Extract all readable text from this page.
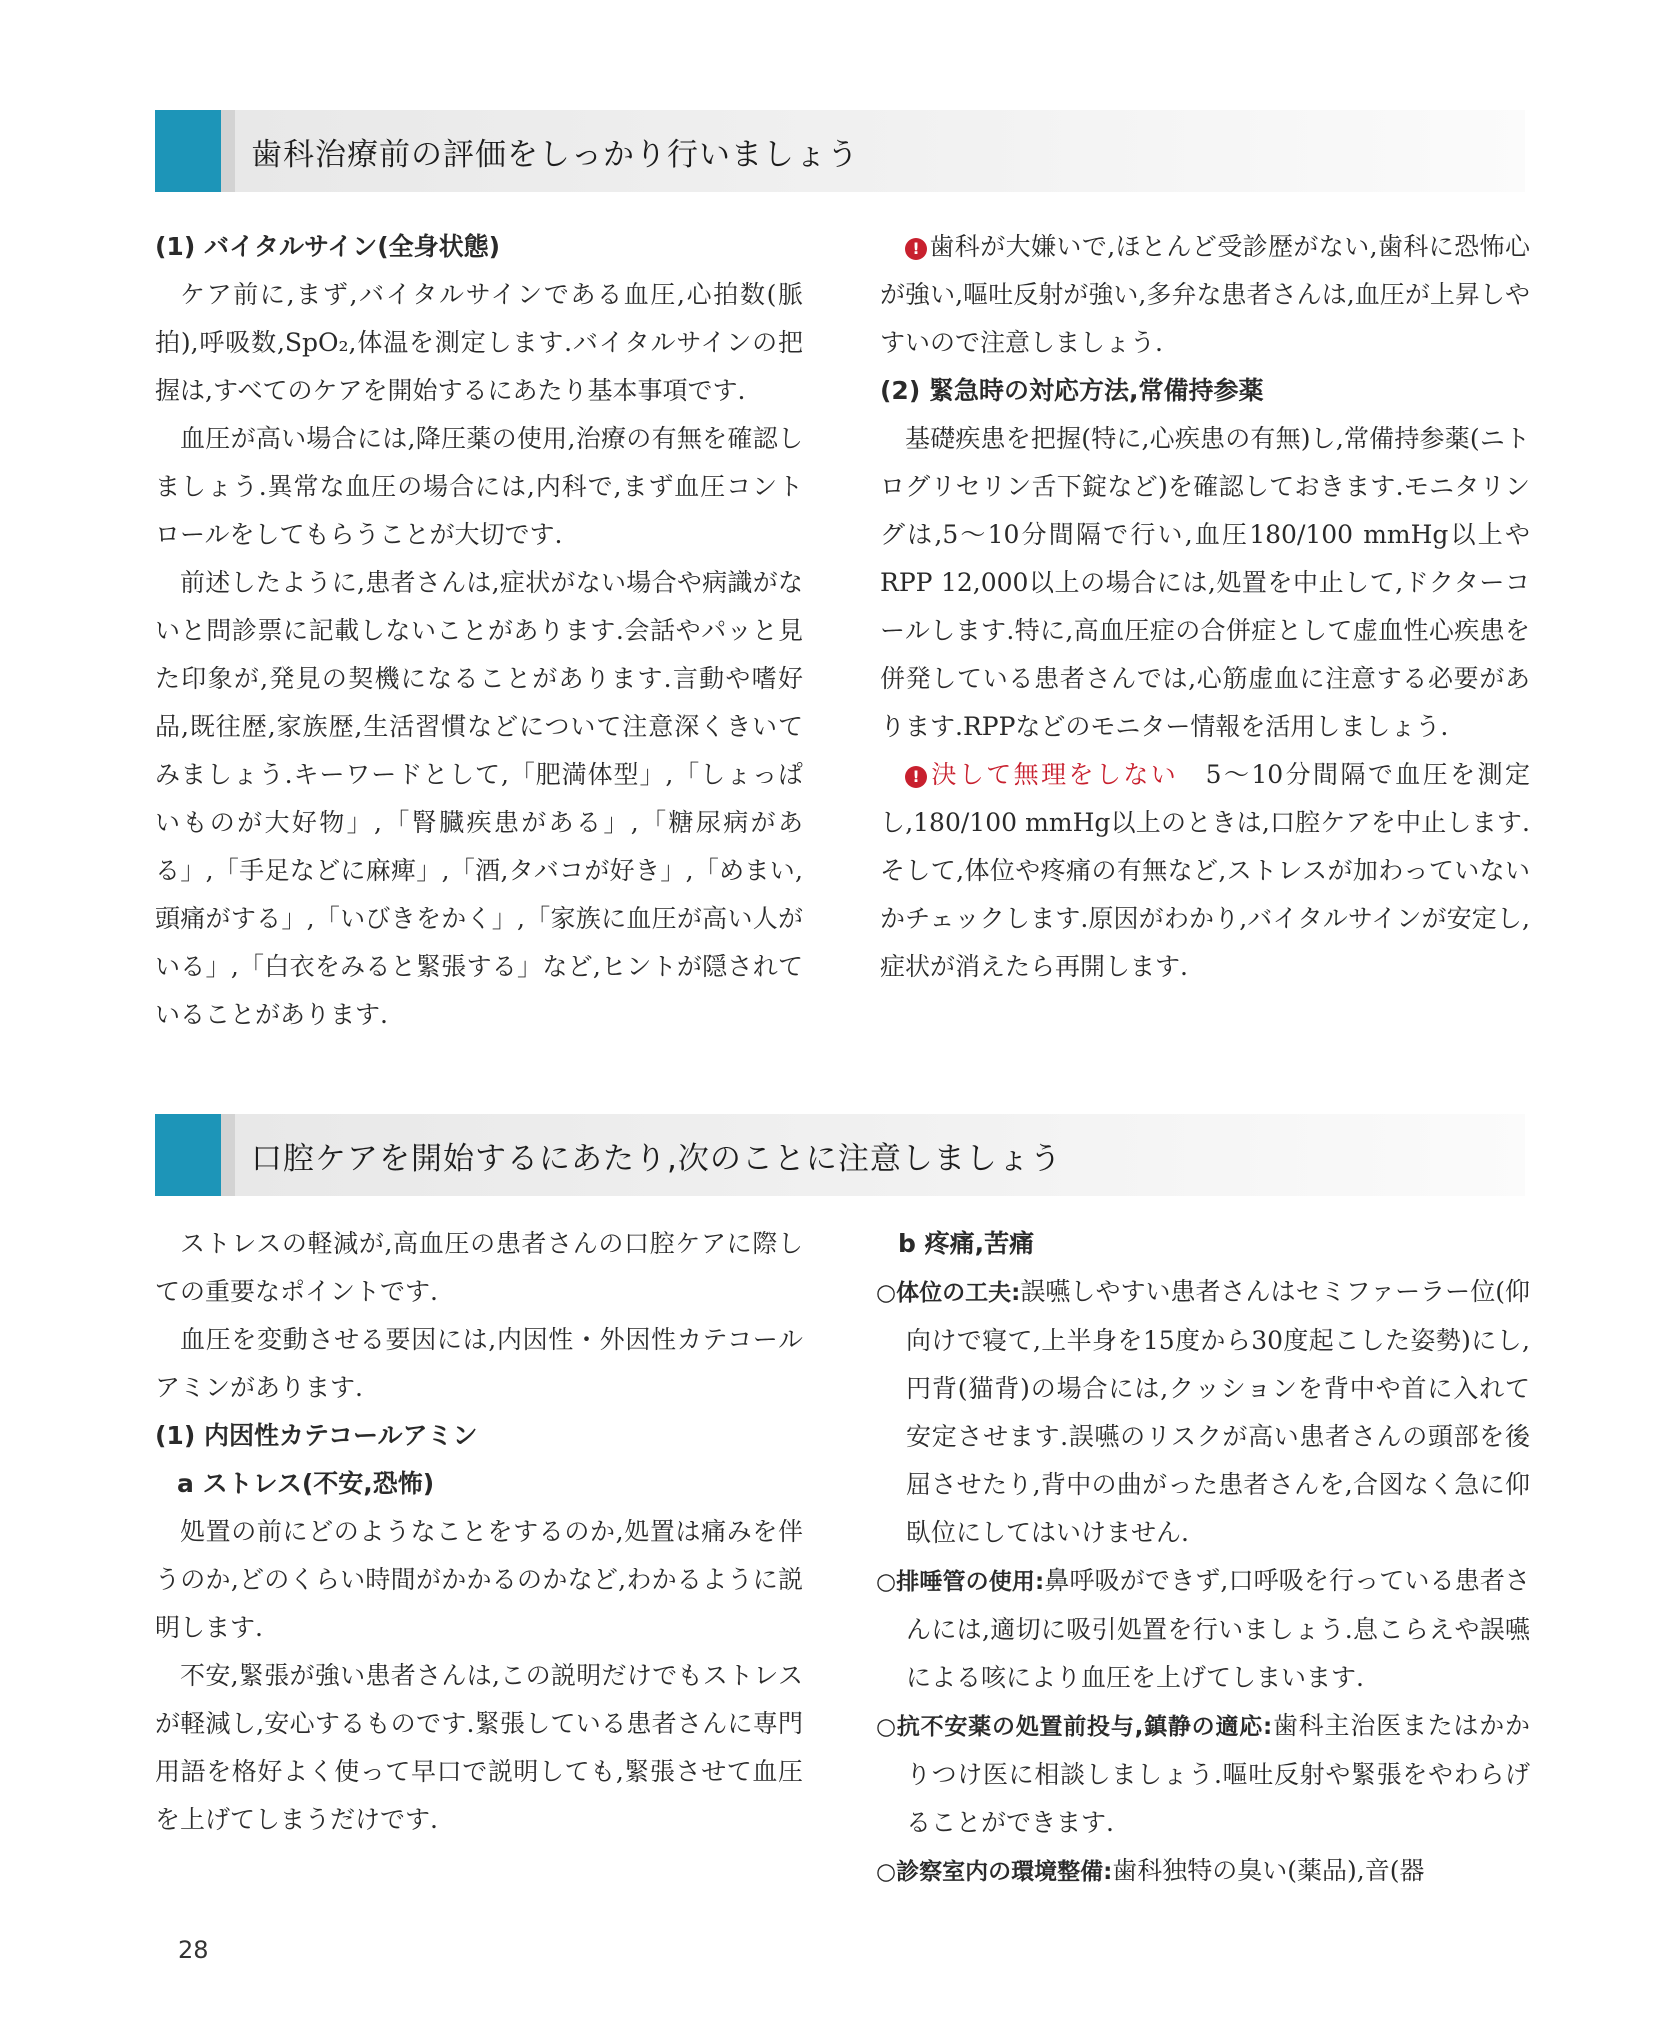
歯科治療前の評価をしっかり行いましょう

(1) バイタルサイン(全身状態)

ケア前に,まず,バイタルサインである血圧,心拍数(脈拍),呼吸数,SpO₂,体温を測定します.バイタルサインの把握は,すべてのケアを開始するにあたり基本事項です.

血圧が高い場合には,降圧薬の使用,治療の有無を確認しましょう.異常な血圧の場合には,内科で,まず血圧コントロールをしてもらうことが大切です.

前述したように,患者さんは,症状がない場合や病識がないと問診票に記載しないことがあります.会話やパッと見た印象が,発見の契機になることがあります.言動や嗜好品,既往歴,家族歴,生活習慣などについて注意深くきいてみましょう.キーワードとして,「肥満体型」,「しょっぱいものが大好物」,「腎臓疾患がある」,「糖尿病がある」,「手足などに麻痺」,「酒,タバコが好き」,「めまい,頭痛がする」,「いびきをかく」,「家族に血圧が高い人がいる」,「白衣をみると緊張する」など,ヒントが隠されていることがあります.

! 歯科が大嫌いで,ほとんど受診歴がない,歯科に恐怖心が強い,嘔吐反射が強い,多弁な患者さんは,血圧が上昇しやすいので注意しましょう.

(2) 緊急時の対応方法,常備持参薬

基礎疾患を把握(特に,心疾患の有無)し,常備持参薬(ニトログリセリン舌下錠など)を確認しておきます.モニタリングは,5〜10分間隔で行い,血圧180/100 mmHg以上やRPP 12,000以上の場合には,処置を中止して,ドクターコールします.特に,高血圧症の合併症として虚血性心疾患を併発している患者さんでは,心筋虚血に注意する必要があります.RPPなどのモニター情報を活用しましょう.

! 決して無理をしない　 5〜10分間隔で血圧を測定し,180/100 mmHg以上のときは,口腔ケアを中止します.そして,体位や疼痛の有無など,ストレスが加わっていないかチェックします.原因がわかり,バイタルサインが安定し,症状が消えたら再開します.

口腔ケアを開始するにあたり,次のことに注意しましょう

ストレスの軽減が,高血圧の患者さんの口腔ケアに際しての重要なポイントです.

血圧を変動させる要因には,内因性・外因性カテコールアミンがあります.

(1) 内因性カテコールアミン

a ストレス(不安,恐怖)

処置の前にどのようなことをするのか,処置は痛みを伴うのか,どのくらい時間がかかるのかなど,わかるように説明します.

不安,緊張が強い患者さんは,この説明だけでもストレスが軽減し,安心するものです.緊張している患者さんに専門用語を格好よく使って早口で説明しても,緊張させて血圧を上げてしまうだけです.

b 疼痛,苦痛

○体位の工夫:誤嚥しやすい患者さんはセミファーラー位(仰向けで寝て,上半身を15度から30度起こした姿勢)にし,円背(猫背)の場合には,クッションを背中や首に入れて安定させます.誤嚥のリスクが高い患者さんの頭部を後屈させたり,背中の曲がった患者さんを,合図なく急に仰臥位にしてはいけません.

○排唾管の使用:鼻呼吸ができず,口呼吸を行っている患者さんには,適切に吸引処置を行いましょう.息こらえや誤嚥による咳により血圧を上げてしまいます.

○抗不安薬の処置前投与,鎮静の適応:歯科主治医またはかかりつけ医に相談しましょう.嘔吐反射や緊張をやわらげることができます.

○診察室内の環境整備:歯科独特の臭い(薬品),音(器

28
